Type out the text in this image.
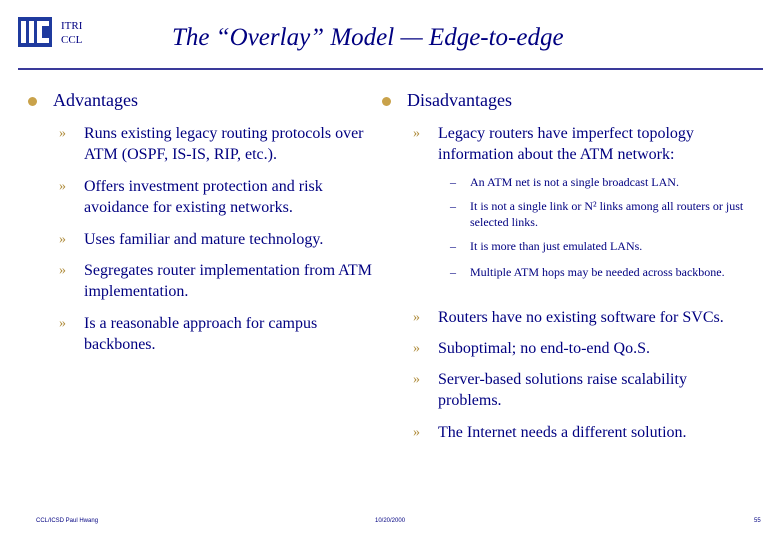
ITRI
CCL	The “Overlay” Model — Edge-to-edge
Advantages
» Runs existing legacy routing protocols over ATM (OSPF, IS-IS, RIP, etc.).
» Offers investment protection and risk avoidance for existing networks.
» Uses familiar and mature technology.
» Segregates router implementation from ATM implementation.
» Is a reasonable approach for campus backbones.
Disadvantages
» Legacy routers have imperfect topology information about the ATM network:
– An ATM net is not a single broadcast LAN.
– It is not a single link or N² links among all routers or just selected links.
– It is more than just emulated LANs.
– Multiple ATM hops may be needed across backbone.
» Routers have no existing software for SVCs.
» Suboptimal; no end-to-end Qo.S.
» Server-based solutions raise scalability problems.
» The Internet needs a different solution.
CCL/ICSD Paul Hwang	10/20/2000	55
